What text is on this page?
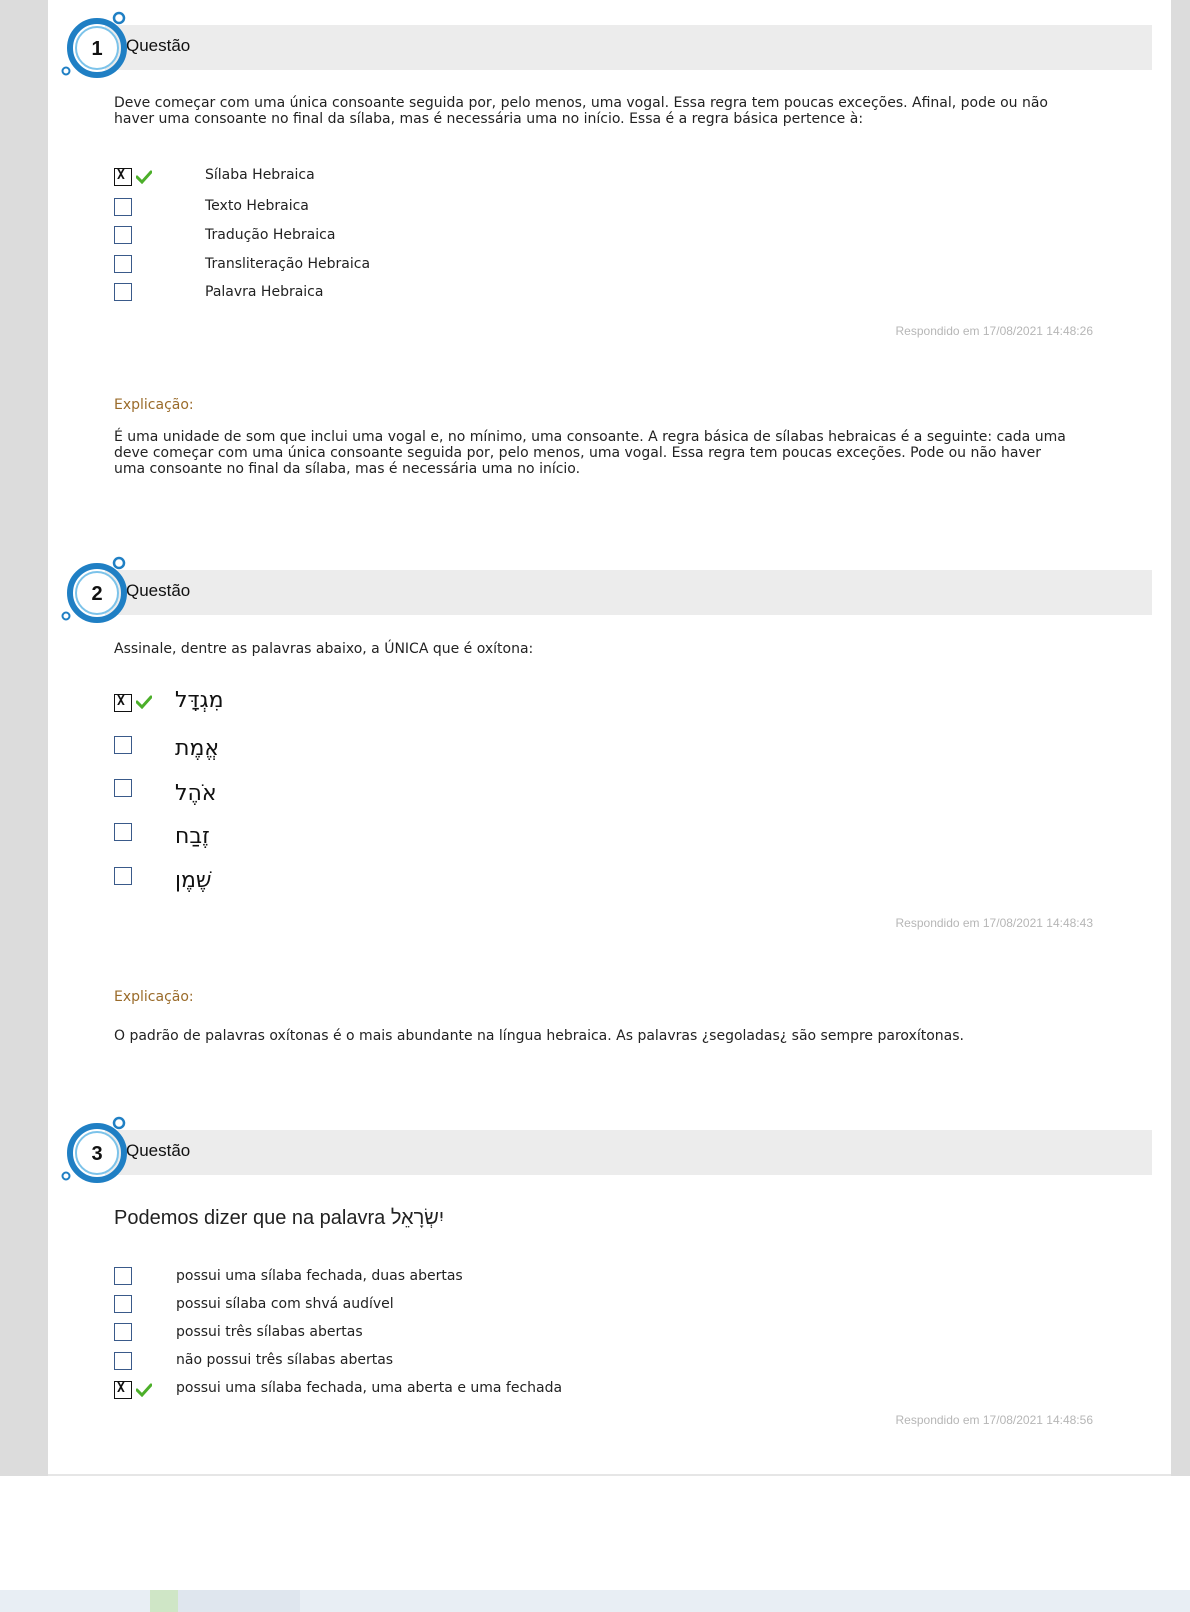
Questão
1
Deve começar com uma única consoante seguida por, pelo menos, uma vogal. Essa regra tem poucas exceções. Afinal, pode ou não haver uma consoante no final da sílaba, mas é necessária uma no início. Essa é a regra básica pertence à:
X
Sílaba Hebraica
Texto Hebraica
Tradução Hebraica
Transliteração Hebraica
Palavra Hebraica
Respondido em 17/08/2021 14:48:26
Explicação:
É uma unidade de som que inclui uma vogal e, no mínimo, uma consoante. A regra básica de sílabas hebraicas é a seguinte: cada uma deve começar com uma única consoante seguida por, pelo menos, uma vogal. Essa regra tem poucas exceções. Pode ou não haver uma consoante no final da sílaba, mas é necessária uma no início.
Questão
2
Assinale, dentre as palavras abaixo, a ÚNICA que é oxítona:
X
מִגְדָּל
אֱמֶת
אֹהֶל
זֶבַח
שֶׁמֶן
Respondido em 17/08/2021 14:48:43
Explicação:
O padrão de palavras oxítonas é o mais abundante na língua hebraica. As palavras ¿segoladas¿ são sempre paroxítonas.
Questão
3
Podemos dizer que na palavra יִשְׂרָאֵל
possui uma sílaba fechada, duas abertas
possui sílaba com shvá audível
possui três sílabas abertas
não possui três sílabas abertas
X
possui uma sílaba fechada, uma aberta e uma fechada
Respondido em 17/08/2021 14:48:56
